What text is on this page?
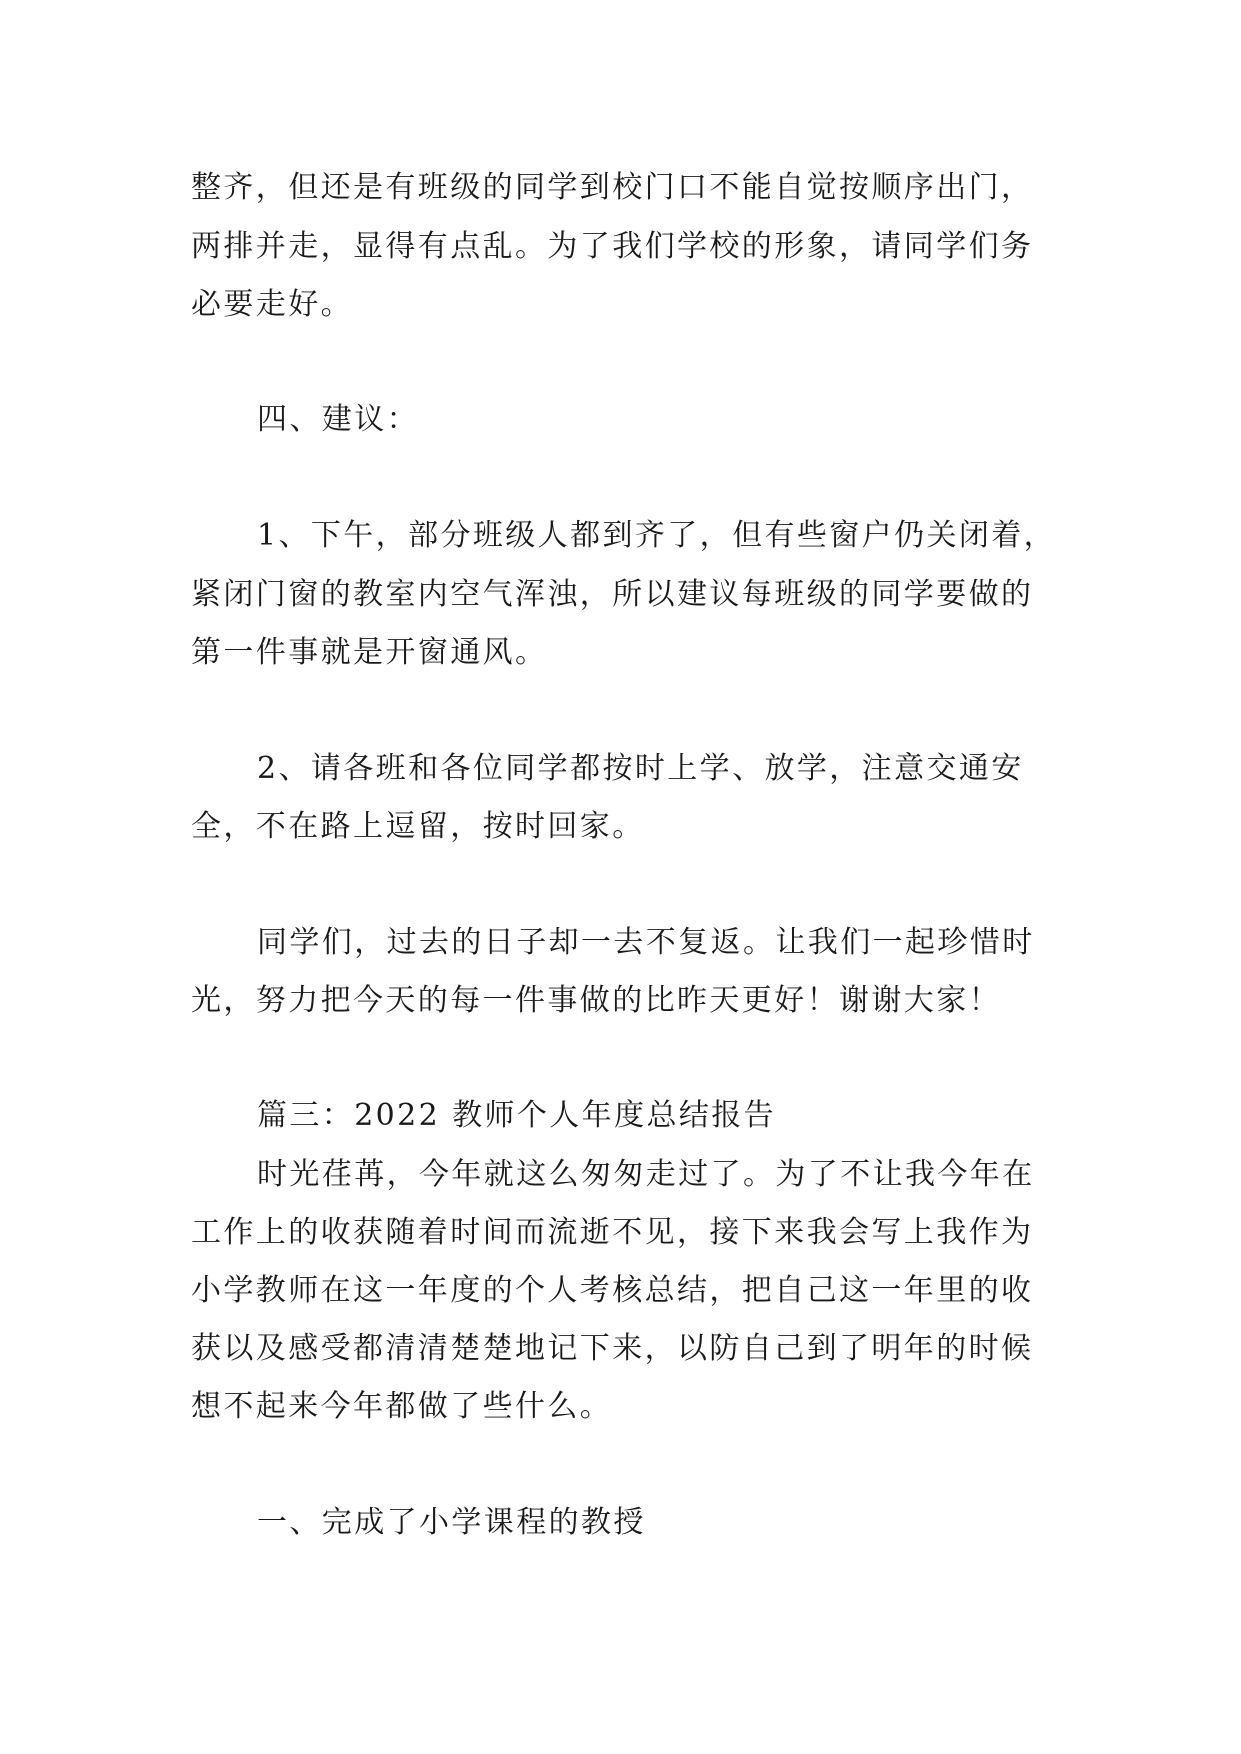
整齐，但还是有班级的同学到校门口不能自觉按顺序出门，
两排并走，显得有点乱。为了我们学校的形象，请同学们务
必要走好。
四、建议：
1、下午，部分班级人都到齐了，但有些窗户仍关闭着，
紧闭门窗的教室内空气浑浊，所以建议每班级的同学要做的
第一件事就是开窗通风。
2、请各班和各位同学都按时上学、放学，注意交通安
全，不在路上逗留，按时回家。
同学们，过去的日子却一去不复返。让我们一起珍惜时
光，努力把今天的每一件事做的比昨天更好！谢谢大家！
篇三：2022 教师个人年度总结报告
时光荏苒，今年就这么匆匆走过了。为了不让我今年在
工作上的收获随着时间而流逝不见，接下来我会写上我作为
小学教师在这一年度的个人考核总结，把自己这一年里的收
获以及感受都清清楚楚地记下来，以防自己到了明年的时候
想不起来今年都做了些什么。
一、完成了小学课程的教授
